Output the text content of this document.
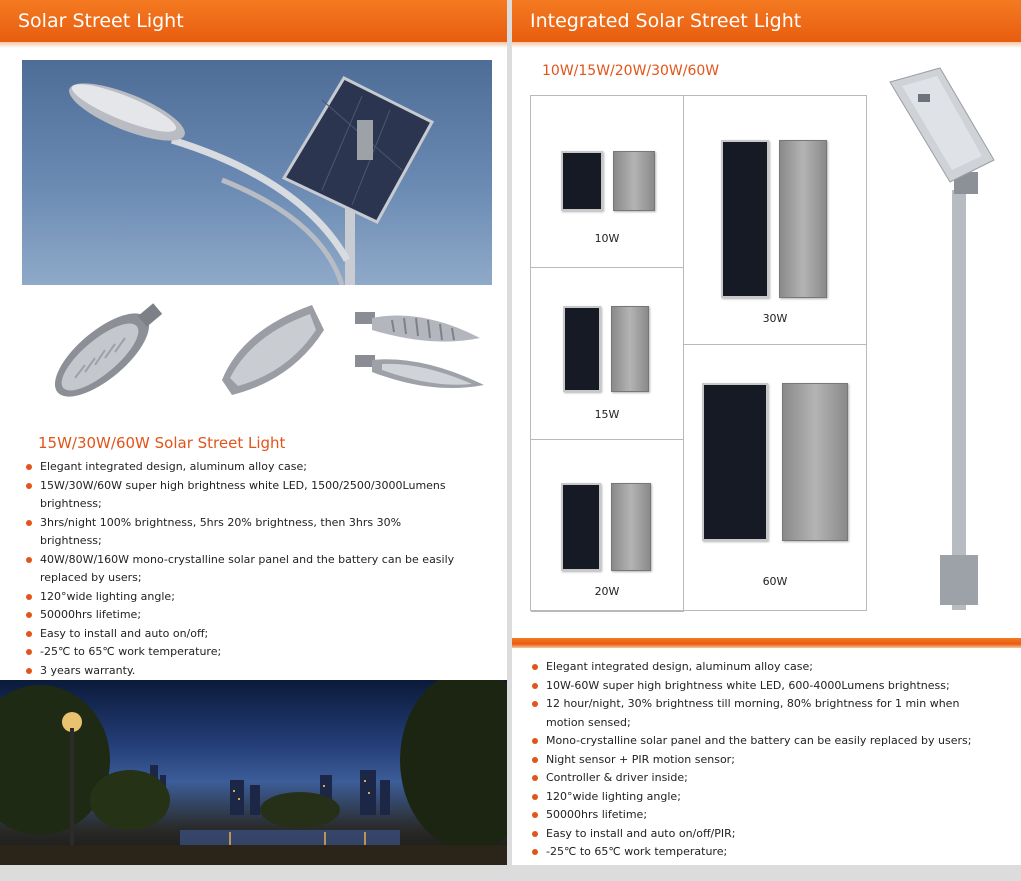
Solar Street Light
15W/30W/60W Solar Street Light
Elegant integrated design, aluminum alloy case;
15W/30W/60W super high brightness white LED, 1500/2500/3000Lumens brightness;
3hrs/night 100% brightness, 5hrs 20% brightness, then 3hrs 30% brightness;
40W/80W/160W mono-crystalline solar panel and the battery can be easily replaced by users;
120°wide lighting angle;
50000hrs lifetime;
Easy to install and auto on/off;
-25℃ to 65℃ work temperature;
3 years warranty.
Integrated Solar Street Light
10W/15W/20W/30W/60W
10W
15W
20W
30W
60W
Elegant integrated design, aluminum alloy case;
10W-60W super high brightness white LED, 600-4000Lumens brightness;
12 hour/night, 30% brightness till morning, 80% brightness for 1 min when motion sensed;
Mono-crystalline solar panel and the battery can be easily replaced by users;
Night sensor + PIR motion sensor;
Controller & driver inside;
120°wide lighting angle;
50000hrs lifetime;
Easy to install and auto on/off/PIR;
-25℃ to 65℃ work temperature;
